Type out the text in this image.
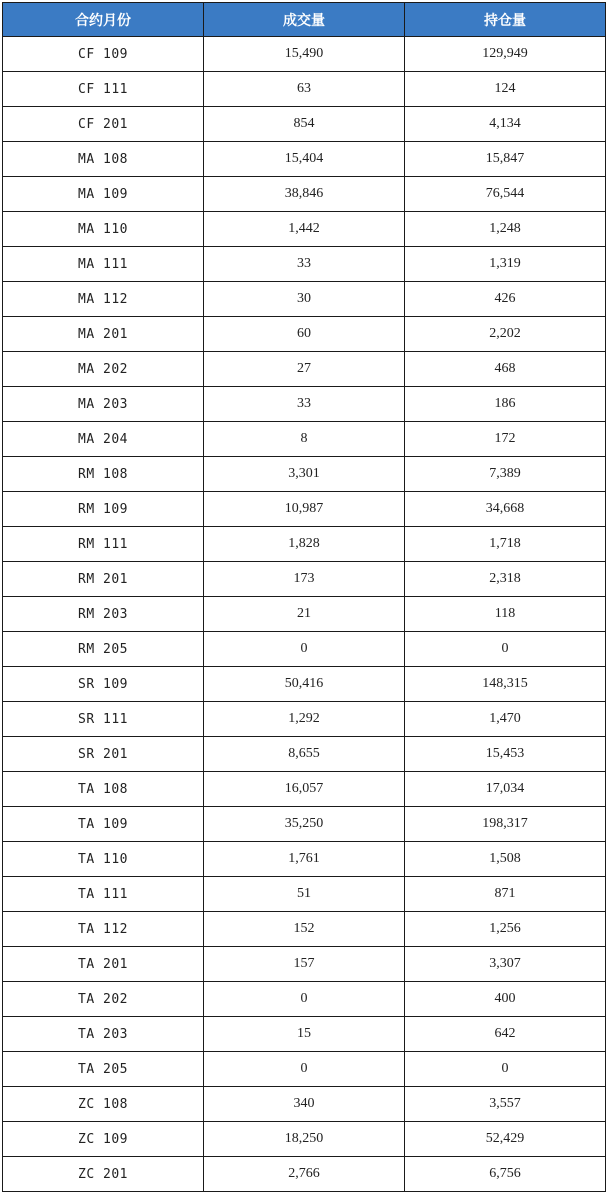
合约月份	成交量	持仓量
CF 109	15,490	129,949
CF 111	63	124
CF 201	854	4,134
MA 108	15,404	15,847
MA 109	38,846	76,544
MA 110	1,442	1,248
MA 111	33	1,319
MA 112	30	426
MA 201	60	2,202
MA 202	27	468
MA 203	33	186
MA 204	8	172
RM 108	3,301	7,389
RM 109	10,987	34,668
RM 111	1,828	1,718
RM 201	173	2,318
RM 203	21	118
RM 205	0	0
SR 109	50,416	148,315
SR 111	1,292	1,470
SR 201	8,655	15,453
TA 108	16,057	17,034
TA 109	35,250	198,317
TA 110	1,761	1,508
TA 111	51	871
TA 112	152	1,256
TA 201	157	3,307
TA 202	0	400
TA 203	15	642
TA 205	0	0
ZC 108	340	3,557
ZC 109	18,250	52,429
ZC 201	2,766	6,756
